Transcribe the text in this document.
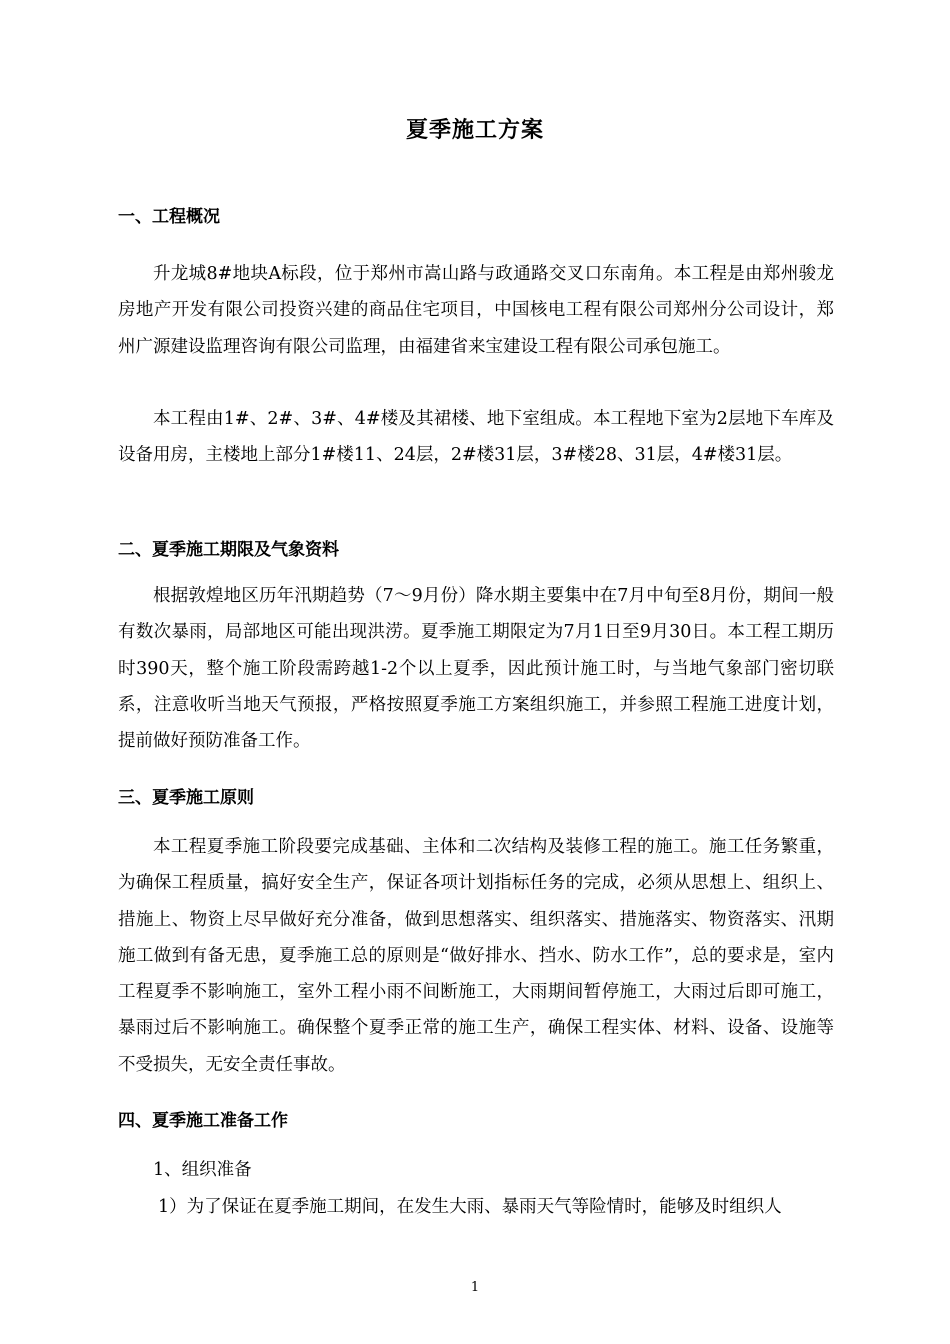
夏季施工方案
一、工程概况

升龙城8#地块A标段，位于郑州市嵩山路与政通路交叉口东南角。本工程是由郑州骏龙房地产开发有限公司投资兴建的商品住宅项目，中国核电工程有限公司郑州分公司设计，郑州广源建设监理咨询有限公司监理，由福建省来宝建设工程有限公司承包施工。

本工程由1#、2#、3#、4#楼及其裙楼、地下室组成。本工程地下室为2层地下车库及设备用房，主楼地上部分1#楼11、24层，2#楼31层，3#楼28、31层，4#楼31层。

二、夏季施工期限及气象资料

根据敦煌地区历年汛期趋势（7～9月份）降水期主要集中在7月中旬至8月份，期间一般有数次暴雨，局部地区可能出现洪涝。夏季施工期限定为7月1日至9月30日。本工程工期历时390天，整个施工阶段需跨越1-2个以上夏季，因此预计施工时，与当地气象部门密切联系，注意收听当地天气预报，严格按照夏季施工方案组织施工，并参照工程施工进度计划，提前做好预防准备工作。

三、夏季施工原则

本工程夏季施工阶段要完成基础、主体和二次结构及装修工程的施工。施工任务繁重，为确保工程质量，搞好安全生产，保证各项计划指标任务的完成，必须从思想上、组织上、措施上、物资上尽早做好充分准备，做到思想落实、组织落实、措施落实、物资落实、汛期施工做到有备无患，夏季施工总的原则是“做好排水、挡水、防水工作”，总的要求是，室内工程夏季不影响施工，室外工程小雨不间断施工，大雨期间暂停施工，大雨过后即可施工，暴雨过后不影响施工。确保整个夏季正常的施工生产，确保工程实体、材料、设备、设施等不受损失，无安全责任事故。

四、夏季施工准备工作

1、组织准备

1）为了保证在夏季施工期间，在发生大雨、暴雨天气等险情时，能够及时组织人

1
